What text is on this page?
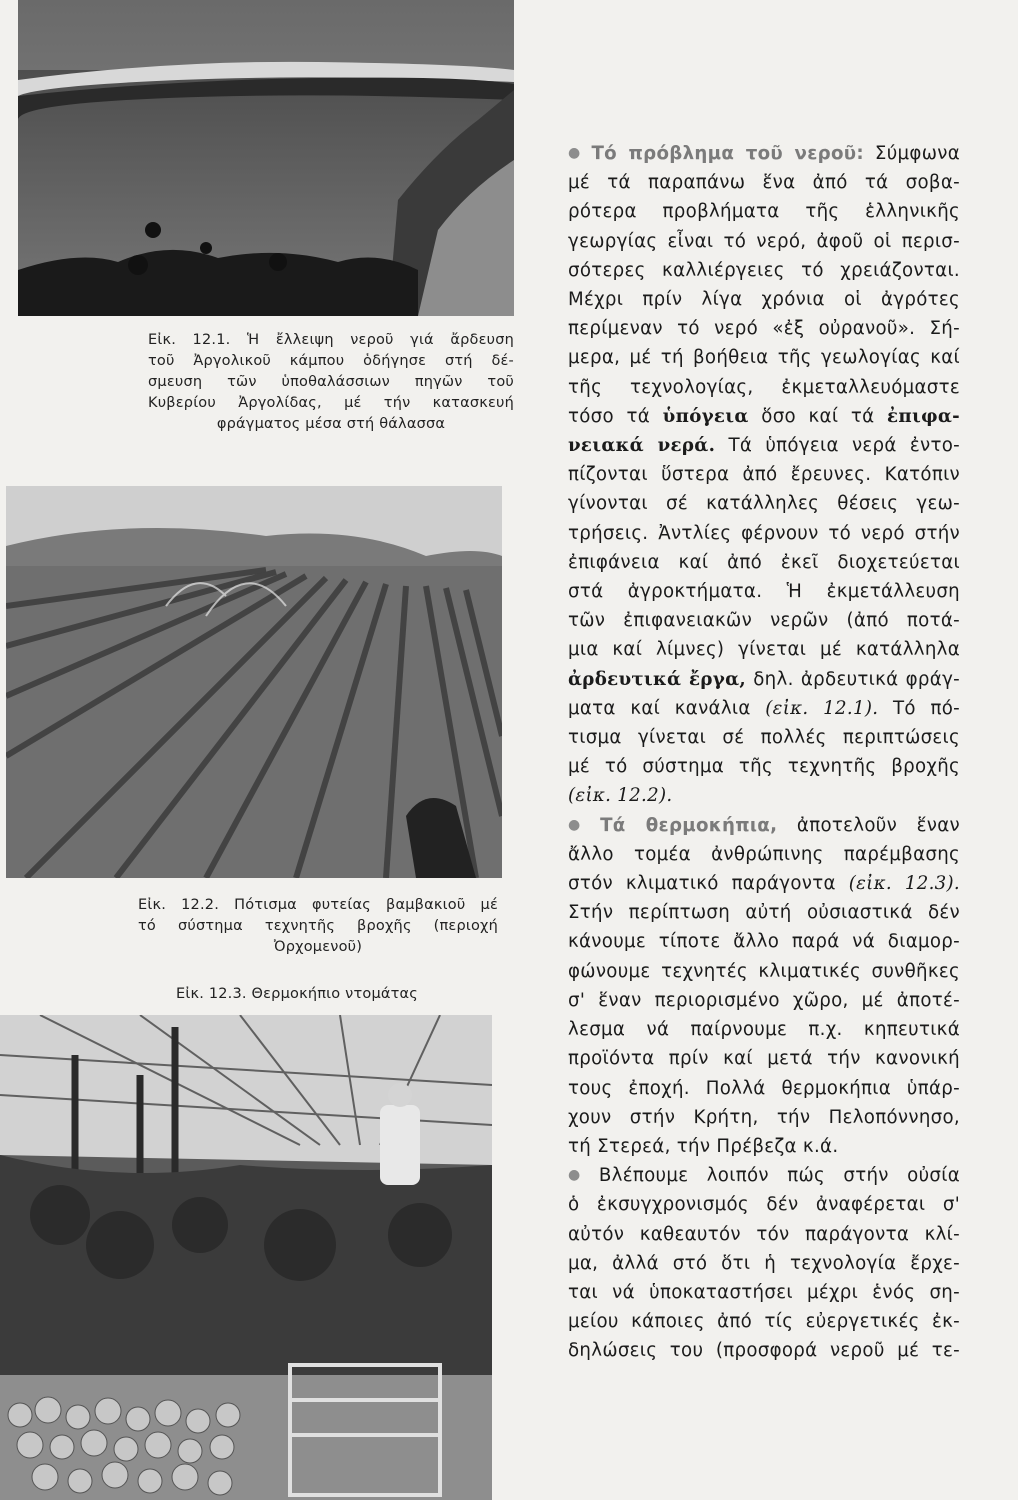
Εἰκ. 12.1. Ἡ ἔλλειψη νεροῦ γιά ἄρδευση
τοῦ Ἀργολικοῦ κάμπου ὁδήγησε στή δέ-
σμευση τῶν ὑποθαλάσσιων πηγῶν τοῦ
Κυβερίου Ἀργολίδας, μέ τήν κατασκευή
φράγματος μέσα στή θάλασσα
Εἰκ. 12.2. Πότισμα φυτείας βαμβακιοῦ μέ
τό σύστημα τεχνητῆς βροχῆς (περιοχή
Ὀρχομενοῦ)
Εἰκ. 12.3. Θερμοκήπιο ντομάτας

● Τό πρόβλημα τοῦ νεροῦ: Σύμφωνα
μέ τά παραπάνω ἕνα ἀπό τά σοβα-
ρότερα προβλήματα τῆς ἑλληνικῆς
γεωργίας εἶναι τό νερό, ἀφοῦ οἱ περισ-
σότερες καλλιέργειες τό χρειάζονται.
Μέχρι πρίν λίγα χρόνια οἱ ἀγρότες
περίμεναν τό νερό «ἐξ οὐρανοῦ». Σή-
μερα, μέ τή βοήθεια τῆς γεωλογίας καί
τῆς τεχνολογίας, ἐκμεταλλευόμαστε
τόσο τά ὑπόγεια ὅσο καί τά ἐπιφα-
νειακά νερά. Τά ὑπόγεια νερά ἐντο-
πίζονται ὕστερα ἀπό ἔρευνες. Κατόπιν
γίνονται σέ κατάλληλες θέσεις γεω-
τρήσεις. Ἀντλίες φέρνουν τό νερό στήν
ἐπιφάνεια καί ἀπό ἐκεῖ διοχετεύεται
στά ἀγροκτήματα. Ἡ ἐκμετάλλευση
τῶν ἐπιφανειακῶν νερῶν (ἀπό ποτά-
μια καί λίμνες) γίνεται μέ κατάλληλα
ἀρδευτικά ἔργα, δηλ. ἀρδευτικά φράγ-
ματα καί κανάλια (εἰκ. 12.1). Τό πό-
τισμα γίνεται σέ πολλές περιπτώσεις
μέ τό σύστημα τῆς τεχνητῆς βροχῆς
(εἰκ. 12.2).

● Τά θερμοκήπια, ἀποτελοῦν ἕναν
ἄλλο τομέα ἀνθρώπινης παρέμβασης
στόν κλιματικό παράγοντα (εἰκ. 12.3).
Στήν περίπτωση αὐτή οὐσιαστικά δέν
κάνουμε τίποτε ἄλλο παρά νά διαμορ-
φώνουμε τεχνητές κλιματικές συνθῆκες
σ' ἕναν περιορισμένο χῶρο, μέ ἀποτέ-
λεσμα νά παίρνουμε π.χ. κηπευτικά
προϊόντα πρίν καί μετά τήν κανονική
τους ἐποχή. Πολλά θερμοκήπια ὑπάρ-
χουν στήν Κρήτη, τήν Πελοπόννησο,
τή Στερεά, τήν Πρέβεζα κ.ά.

● Βλέπουμε λοιπόν πώς στήν οὐσία
ὁ ἐκσυγχρονισμός δέν ἀναφέρεται σ'
αὐτόν καθεαυτόν τόν παράγοντα κλί-
μα, ἀλλά στό ὅτι ἡ τεχνολογία ἔρχε-
ται νά ὑποκαταστήσει μέχρι ἑνός ση-
μείου κάποιες ἀπό τίς εὐεργετικές ἐκ-
δηλώσεις του (προσφορά νεροῦ μέ τε-
